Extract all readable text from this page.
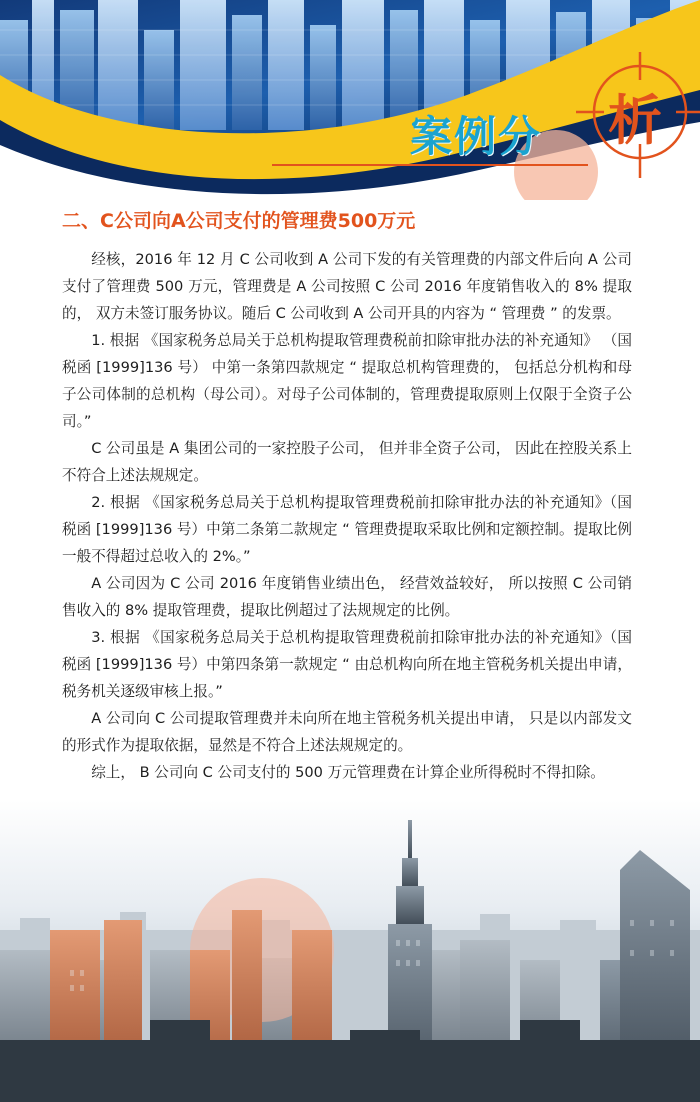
案例分 析
二、C公司向A公司支付的管理费500万元

经核，2016 年 12 月 C 公司收到 A 公司下发的有关管理费的内部文件后向 A 公司支付了管理费 500 万元，管理费是 A 公司按照 C 公司 2016 年度销售收入的 8% 提取的， 双方未签订服务协议。随后 C 公司收到 A 公司开具的内容为 “ 管理费 ” 的发票。

1. 根据 《国家税务总局关于总机构提取管理费税前扣除审批办法的补充通知》 （国税函 [1999]136 号） 中第一条第四款规定 “ 提取总机构管理费的， 包括总分机构和母子公司体制的总机构（母公司）。对母子公司体制的，管理费提取原则上仅限于全资子公司。”

C 公司虽是 A 集团公司的一家控股子公司， 但并非全资子公司， 因此在控股关系上不符合上述法规规定。

2. 根据 《国家税务总局关于总机构提取管理费税前扣除审批办法的补充通知》（国税函 [1999]136 号）中第二条第二款规定 “ 管理费提取采取比例和定额控制。提取比例一般不得超过总收入的 2%。”

A 公司因为 C 公司 2016 年度销售业绩出色， 经营效益较好， 所以按照 C 公司销售收入的 8% 提取管理费，提取比例超过了法规规定的比例。

3. 根据 《国家税务总局关于总机构提取管理费税前扣除审批办法的补充通知》（国税函 [1999]136 号）中第四条第一款规定 “ 由总机构向所在地主管税务机关提出申请，税务机关逐级审核上报。”

A 公司向 C 公司提取管理费并未向所在地主管税务机关提出申请， 只是以内部发文的形式作为提取依据，显然是不符合上述法规规定的。

综上， B 公司向 C 公司支付的 500 万元管理费在计算企业所得税时不得扣除。
